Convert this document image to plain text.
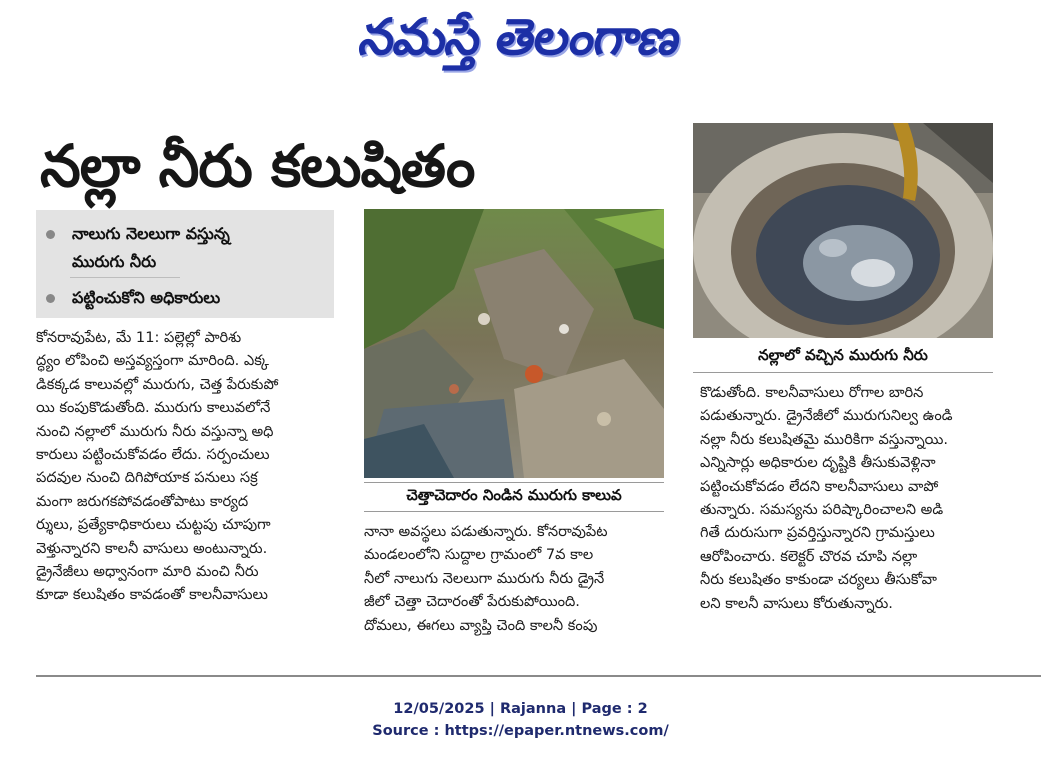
నమస్తే తెలంగాణ
నల్లా నీరు కలుషితం
నాలుగు నెలలుగా వస్తున్న
మురుగు నీరు
పట్టించుకోని అధికారులు

కోనరావుపేట, మే 11: పల్లెల్లో పారిశు

ద్ధ్యం లోపించి అస్తవ్యస్తంగా మారింది. ఎక్క

డికక్కడ కాలువల్లో మురుగు, చెత్త పేరుకుపో

యి కంపుకొడుతోంది. మురుగు కాలువలోనే

నుంచి నల్లాలో మురుగు నీరు వస్తున్నా అధి

కారులు పట్టించుకోవడం లేదు. సర్పంచులు

పదవుల నుంచి దిగిపోయాక పనులు సక్ర

మంగా జరుగకపోవడంతోపాటు కార్యద

ర్శులు, ప్రత్యేకాధికారులు చుట్టపు చూపుగా

వెళ్తున్నారని కాలనీ వాసులు అంటున్నారు.

డ్రైనేజీలు అధ్వానంగా మారి మంచి నీరు

కూడా కలుషితం కావడంతో కాలనీవాసులు

చెత్తాచెదారం నిండిన మురుగు కాలువ

నానా అవస్థలు పడుతున్నారు. కోనరావుపేట

మండలంలోని సుద్దాల గ్రామంలో 7వ కాల

నీలో నాలుగు నెలలుగా మురుగు నీరు డ్రైనే

జీలో చెత్తా చెదారంతో పేరుకుపోయింది.

దోమలు, ఈగలు వ్యాప్తి చెంది కాలనీ కంపు

నల్లాలో వచ్చిన మురుగు నీరు

కొడుతోంది. కాలనీవాసులు రోగాల బారిన

పడుతున్నారు. డ్రైనేజీలో మురుగునిల్వ ఉండి

నల్లా నీరు కలుషితమై మురికిగా వస్తున్నాయి.

ఎన్నిసార్లు అధికారుల దృష్టికి తీసుకువెళ్లినా

పట్టించుకోవడం లేదని కాలనీవాసులు వాపో

తున్నారు. సమస్యను పరిష్కారించాలని అడి

గితే దురుసుగా ప్రవర్తిస్తున్నారని గ్రామస్తులు

ఆరోపించారు. కలెక్టర్ చొరవ చూపి నల్లా

నీరు కలుషితం కాకుండా చర్యలు తీసుకోవా

లని కాలనీ వాసులు కోరుతున్నారు.

12/05/2025 | Rajanna | Page : 2
Source : https://epaper.ntnews.com/
